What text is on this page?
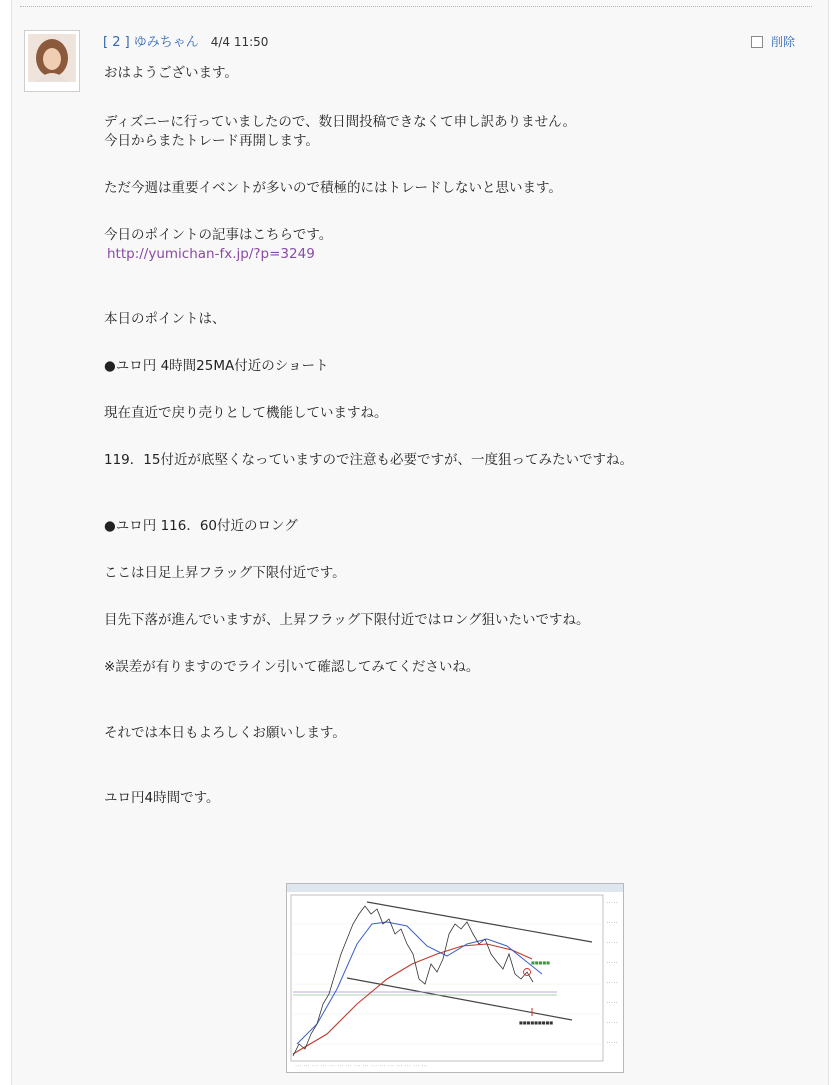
[ 2 ] ゆみちゃん 4/4 11:50	削除

おはようございます。

ディズニーに行っていましたので、数日間投稿できなくて申し訳ありません。

今日からまたトレード再開します。

ただ今週は重要イベントが多いので積極的にはトレードしないと思います。

今日のポイントの記事はこちらです。

http://yumichan-fx.jp/?p=3249

本日のポイントは、

●ユロ円 4時間25MA付近のショート

現在直近で戻り売りとして機能していますね。

119．15付近が底堅くなっていますので注意も必要ですが、一度狙ってみたいですね。

●ユロ円 116．60付近のロング

ここは日足上昇フラッグ下限付近です。

目先下落が進んでいますが、上昇フラッグ下限付近ではロング狙いたいですね。

※誤差が有りますのでライン引いて確認してみてくださいね。

それでは本日もよろしくお願いします。

ユロ円4時間です。

·····
·····
·····
·····
·····
·····
·····
·····
■■■■■
■■■■■■■■■
··· ··· ··· ··· ··· ··· ··· ··· ··· ··· ··· ··· ··· ··· ··· ···
